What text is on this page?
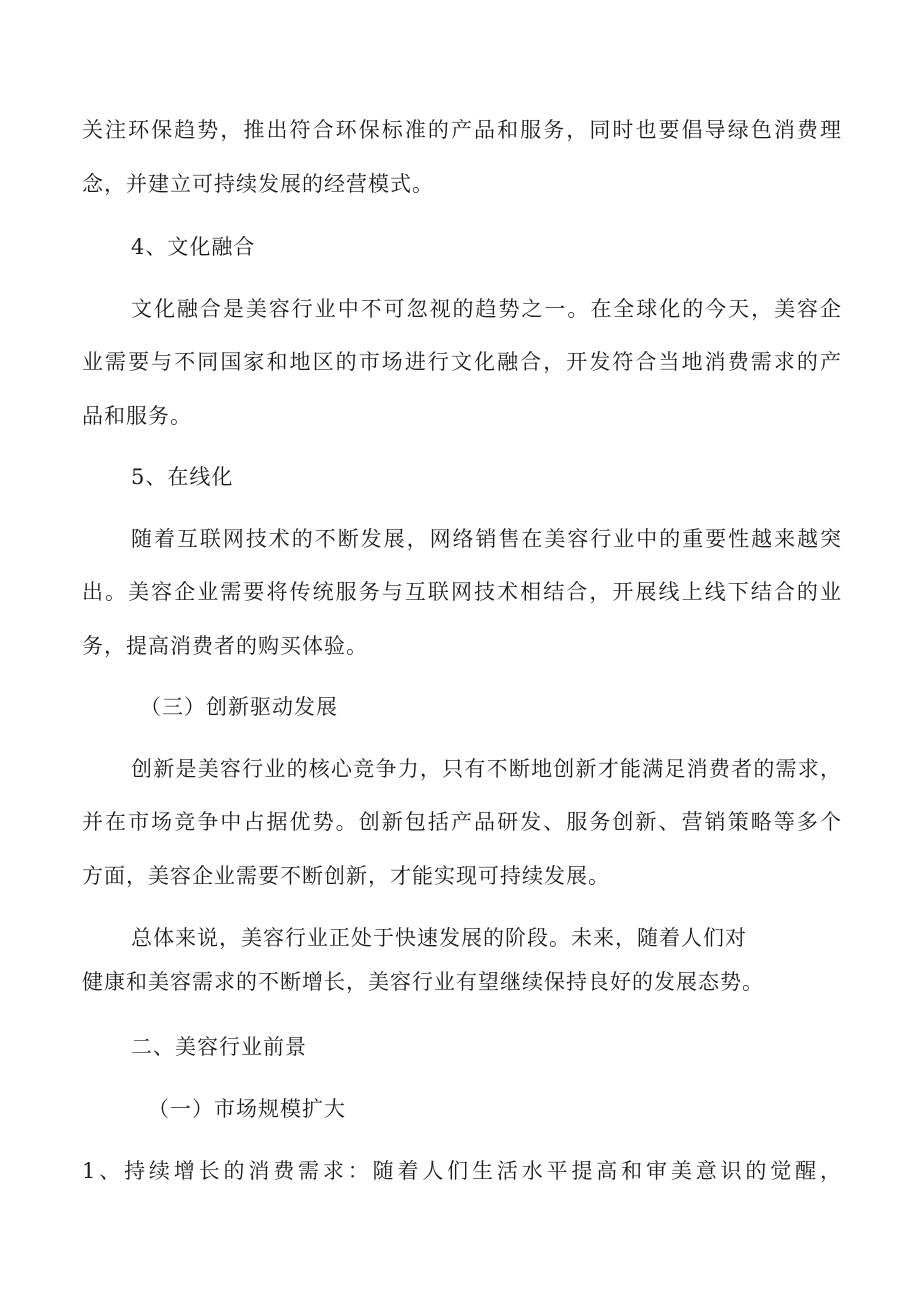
关注环保趋势，推出符合环保标准的产品和服务，同时也要倡导绿色消费理
念，并建立可持续发展的经营模式。
4、文化融合
文化融合是美容行业中不可忽视的趋势之一。在全球化的今天，美容企
业需要与不同国家和地区的市场进行文化融合，开发符合当地消费需求的产
品和服务。
5、在线化
随着互联网技术的不断发展，网络销售在美容行业中的重要性越来越突
出。美容企业需要将传统服务与互联网技术相结合，开展线上线下结合的业
务，提高消费者的购买体验。
（三）创新驱动发展
创新是美容行业的核心竞争力，只有不断地创新才能满足消费者的需求，
并在市场竞争中占据优势。创新包括产品研发、服务创新、营销策略等多个
方面，美容企业需要不断创新，才能实现可持续发展。
总体来说，美容行业正处于快速发展的阶段。未来，随着人们对
健康和美容需求的不断增长，美容行业有望继续保持良好的发展态势。
二、美容行业前景
（一）市场规模扩大
1、持续增长的消费需求：随着人们生活水平提高和审美意识的觉醒，
